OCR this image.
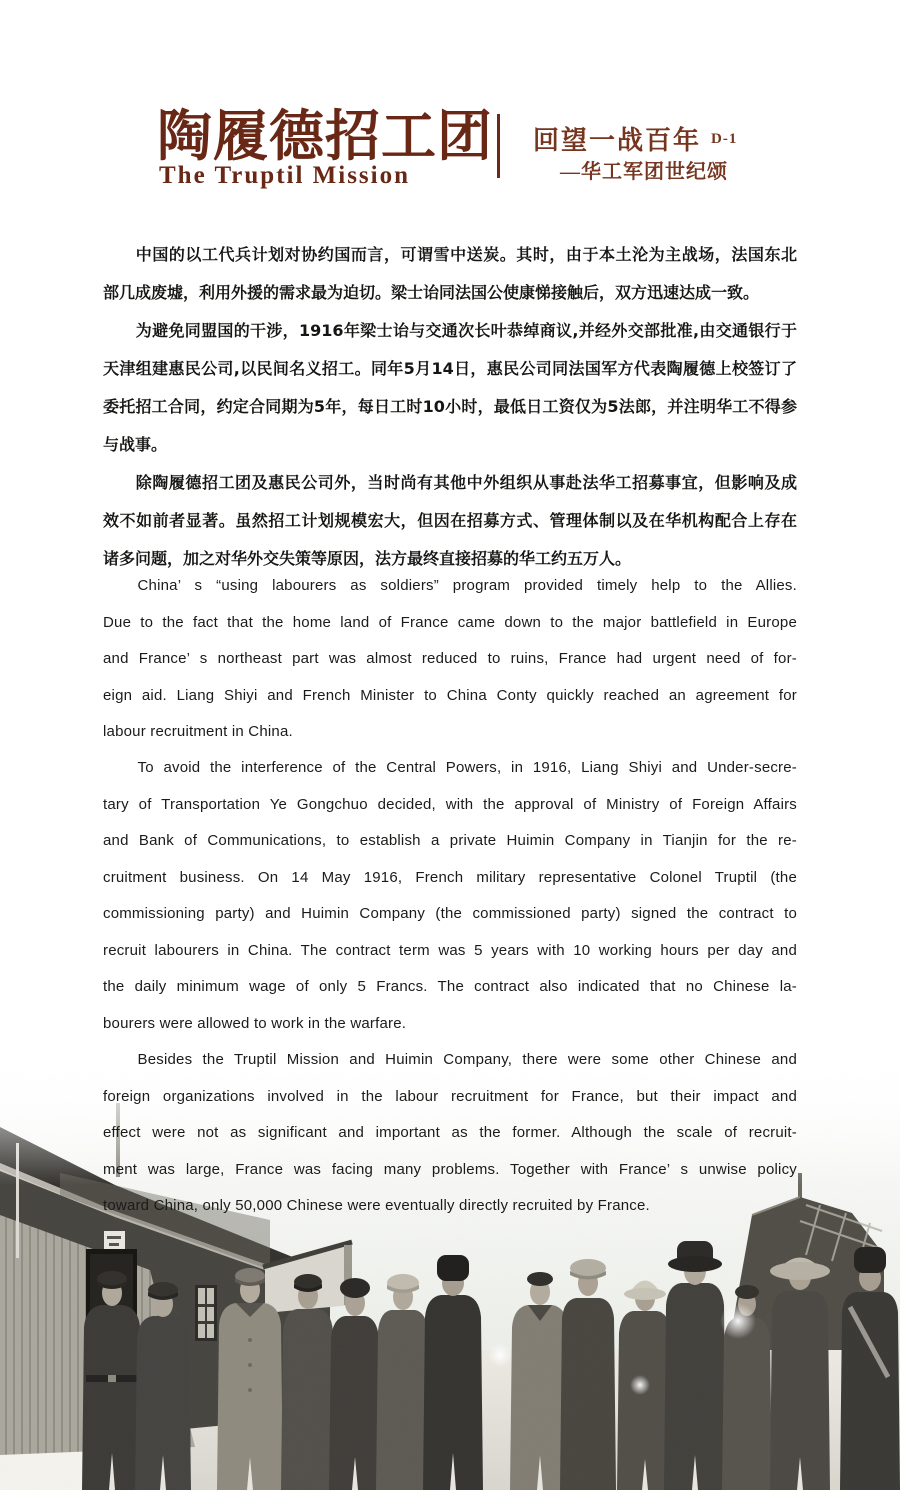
陶履德招工团
The Truptil Mission
回望一战百年 $^{D-1}$
—华工军团世纪颂
中国的以工代兵计划对协约国而言，可谓雪中送炭。其时，由于本土沦为主战场，法国东北
部几成废墟，利用外援的需求最为迫切。梁士诒同法国公使康悌接触后，双方迅速达成一致。
为避免同盟国的干涉，1916年梁士诒与交通次长叶恭绰商议,并经外交部批准,由交通银行于
天津组建惠民公司,以民间名义招工。同年5月14日，惠民公司同法国军方代表陶履德上校签订了
委托招工合同，约定合同期为5年，每日工时10小时，最低日工资仅为5法郎，并注明华工不得参
与战事。
除陶履德招工团及惠民公司外，当时尚有其他中外组织从事赴法华工招募事宜，但影响及成
效不如前者显著。虽然招工计划规模宏大，但因在招募方式、管理体制以及在华机构配合上存在
诸多问题，加之对华外交失策等原因，法方最终直接招募的华工约五万人。
China’ s “using labourers as soldiers” program provided timely help to the Allies.
Due to the fact that the home land of France came down to the major battlefield in Europe
and France’ s northeast part was almost reduced to ruins, France had urgent need of for-
eign aid. Liang Shiyi and French Minister to China Conty quickly reached an agreement for
labour recruitment in China.
To avoid the interference of the Central Powers, in 1916, Liang Shiyi and Under-secre-
tary of Transportation Ye Gongchuo decided, with the approval of Ministry of Foreign Affairs
and Bank of Communications, to establish a private Huimin Company in Tianjin for the re-
cruitment business. On 14 May 1916, French military representative Colonel Truptil (the
commissioning party) and Huimin Company (the commissioned party) signed the contract to
recruit labourers in China. The contract term was 5 years with 10 working hours per day and
the daily minimum wage of only 5 Francs. The contract also indicated that no Chinese la-
bourers were allowed to work in the warfare.
Besides the Truptil Mission and Huimin Company, there were some other Chinese and
foreign organizations involved in the labour recruitment for France, but their impact and
effect were not as significant and important as the former. Although the scale of recruit-
ment was large, France was facing many problems. Together with France’ s unwise policy
toward China, only 50,000 Chinese were eventually directly recruited by France.
